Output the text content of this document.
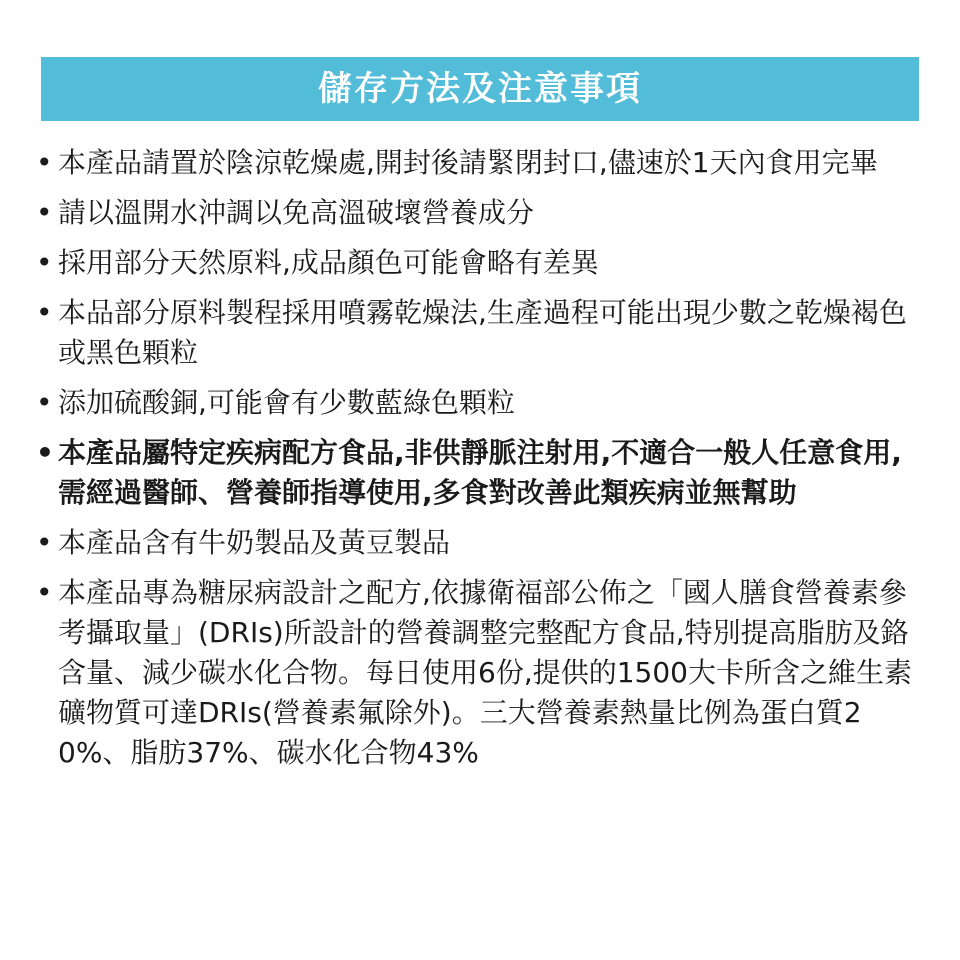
儲存方法及注意事項
• 本產品請置於陰涼乾燥處,開封後請緊閉封口,儘速於1天內食用完畢
• 請以溫開水沖調以免高溫破壞營養成分
• 採用部分天然原料,成品顏色可能會略有差異
• 本品部分原料製程採用噴霧乾燥法,生產過程可能出現少數之乾燥褐色或黑色顆粒
• 添加硫酸銅,可能會有少數藍綠色顆粒
• 本產品屬特定疾病配方食品,非供靜脈注射用,不適合一般人任意食用,需經過醫師、營養師指導使用,多食對改善此類疾病並無幫助
• 本產品含有牛奶製品及黃豆製品
• 本產品專為糖尿病設計之配方,依據衛福部公佈之「國人膳食營養素參考攝取量」(DRIs)所設計的營養調整完整配方食品,特別提高脂肪及鉻含量、減少碳水化合物。每日使用6份,提供的1500大卡所含之維生素礦物質可達DRIs(營養素氟除外)。三大營養素熱量比例為蛋白質20%、脂肪37%、碳水化合物43%
